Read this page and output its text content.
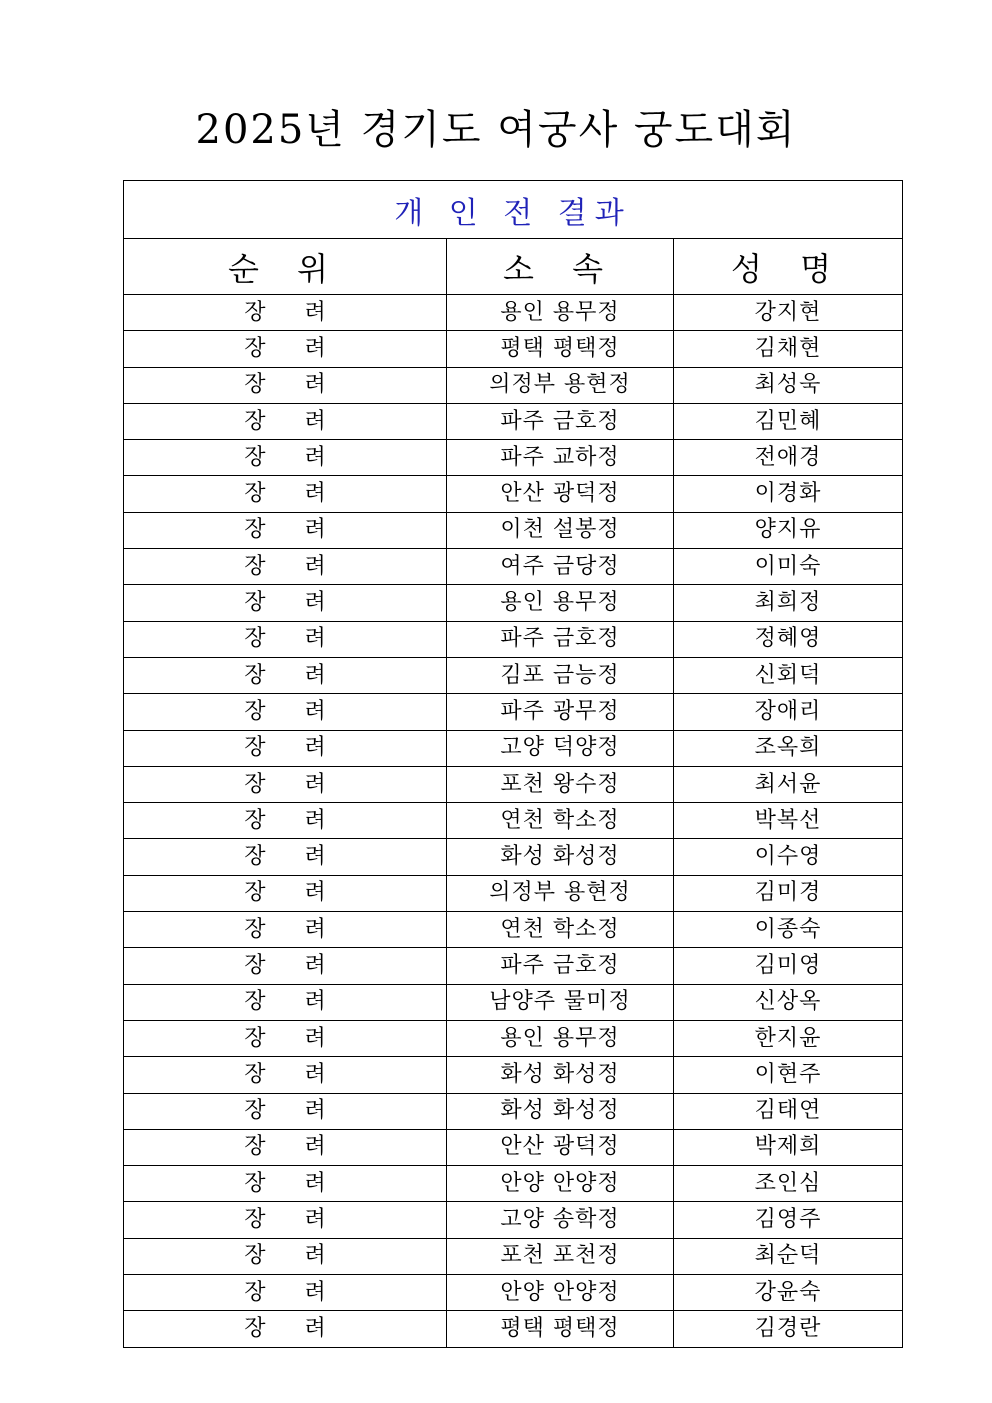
2025년 경기도 여궁사 궁도대회
개 인 전 결과		
순 위	소 속	성 명
장 려	용인 용무정	강지현
장 려	평택 평택정	김채현
장 려	의정부 용현정	최성욱
장 려	파주 금호정	김민혜
장 려	파주 교하정	전애경
장 려	안산 광덕정	이경화
장 려	이천 설봉정	양지유
장 려	여주 금당정	이미숙
장 려	용인 용무정	최희정
장 려	파주 금호정	정혜영
장 려	김포 금능정	신회덕
장 려	파주 광무정	장애리
장 려	고양 덕양정	조옥희
장 려	포천 왕수정	최서윤
장 려	연천 학소정	박복선
장 려	화성 화성정	이수영
장 려	의정부 용현정	김미경
장 려	연천 학소정	이종숙
장 려	파주 금호정	김미영
장 려	남양주 물미정	신상옥
장 려	용인 용무정	한지윤
장 려	화성 화성정	이현주
장 려	화성 화성정	김태연
장 려	안산 광덕정	박제희
장 려	안양 안양정	조인심
장 려	고양 송학정	김영주
장 려	포천 포천정	최순덕
장 려	안양 안양정	강윤숙
장 려	평택 평택정	김경란
